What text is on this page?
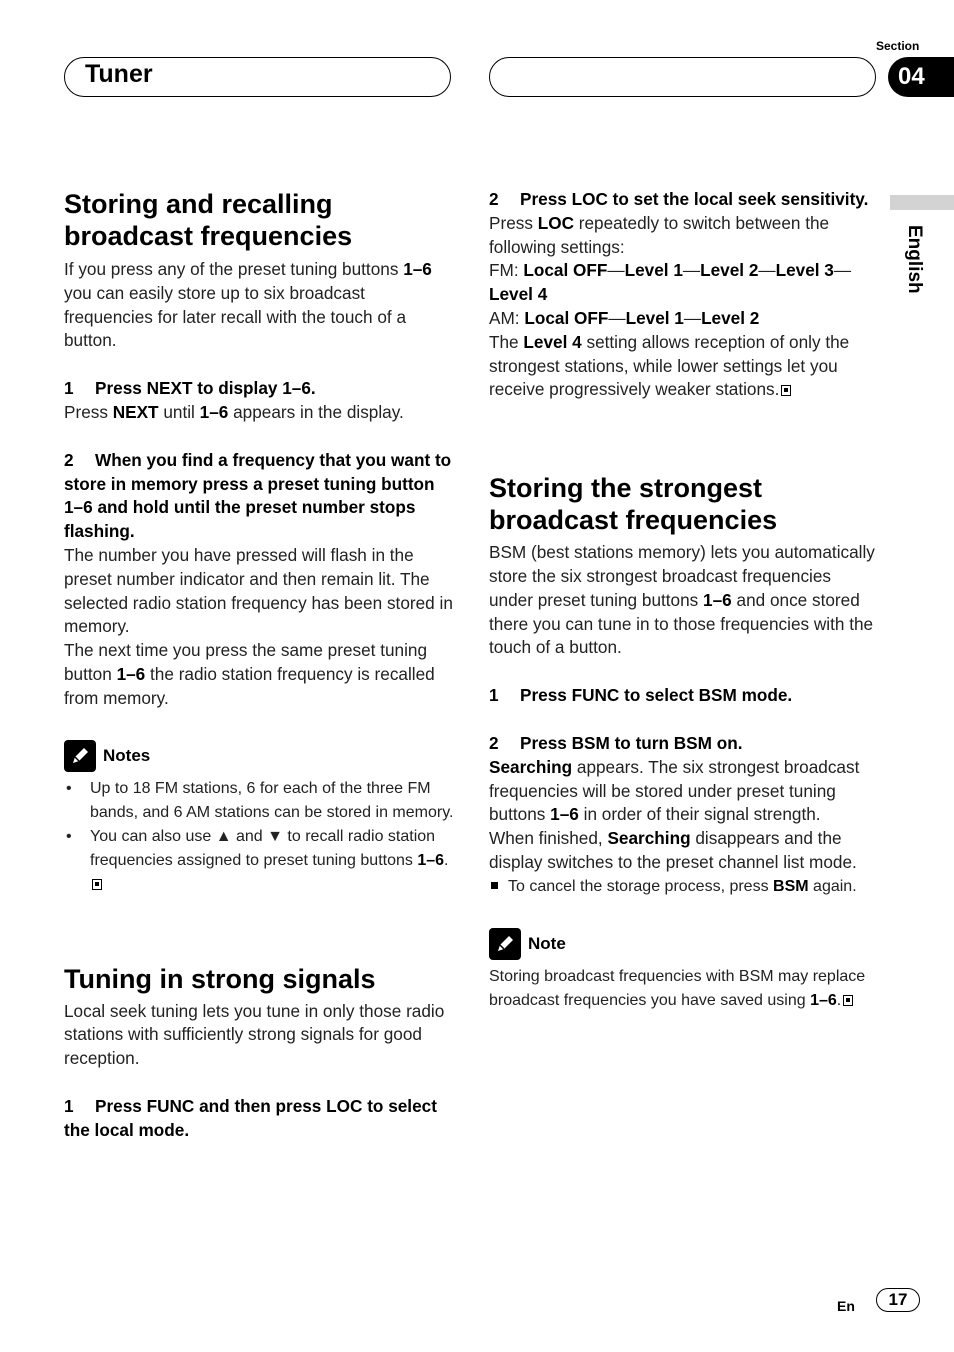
Tuner
Section
04
English
Storing and recalling broadcast frequencies

If you press any of the preset tuning buttons 1–6 you can easily store up to six broadcast frequencies for later recall with the touch of a button.

1 Press NEXT to display 1–6.

Press NEXT until 1–6 appears in the display.

2 When you find a frequency that you want to store in memory press a preset tuning button 1–6 and hold until the preset number stops flashing.

The number you have pressed will flash in the preset number indicator and then remain lit. The selected radio station frequency has been stored in memory.

The next time you press the same preset tuning button 1–6 the radio station frequency is recalled from memory.

Notes
• Up to 18 FM stations, 6 for each of the three FM bands, and 6 AM stations can be stored in memory.
• You can also use ▲ and ▼ to recall radio station frequencies assigned to preset tuning buttons 1–6.
Tuning in strong signals

Local seek tuning lets you tune in only those radio stations with sufficiently strong signals for good reception.

1 Press FUNC and then press LOC to select the local mode.

2 Press LOC to set the local seek sensitivity.

Press LOC repeatedly to switch between the following settings:

FM: Local OFF—Level 1—Level 2—Level 3—
Level 4

AM: Local OFF—Level 1—Level 2

The Level 4 setting allows reception of only the strongest stations, while lower settings let you receive progressively weaker stations.

Storing the strongest broadcast frequencies

BSM (best stations memory) lets you automatically store the six strongest broadcast frequencies under preset tuning buttons 1–6 and once stored there you can tune in to those frequencies with the touch of a button.

1 Press FUNC to select BSM mode.

2 Press BSM to turn BSM on.

Searching appears. The six strongest broadcast frequencies will be stored under preset tuning buttons 1–6 in order of their signal strength.

When finished, Searching disappears and the display switches to the preset channel list mode.

To cancel the storage process, press BSM again.

Note

Storing broadcast frequencies with BSM may replace broadcast frequencies you have saved using 1–6.

En	17
